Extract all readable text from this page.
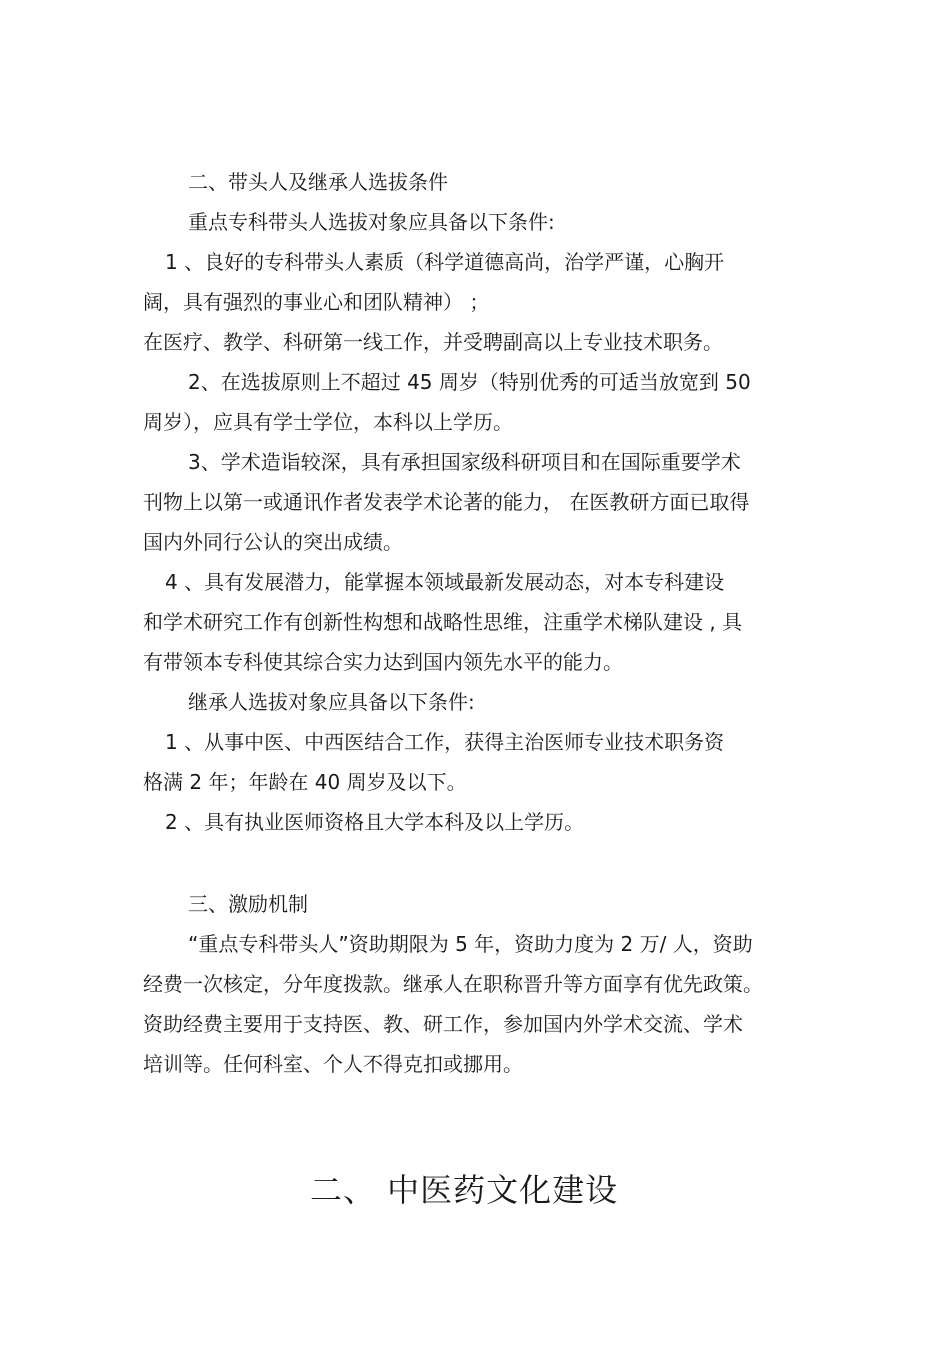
二、带头人及继承人选拔条件
重点专科带头人选拔对象应具备以下条件:
1 、良好的专科带头人素质（科学道德高尚，治学严谨，心胸开
阔，具有强烈的事业心和团队精神） ；
在医疗、教学、科研第一线工作，并受聘副高以上专业技术职务。
2、在选拔原则上不超过 45 周岁（特别优秀的可适当放宽到 50
周岁），应具有学士学位，本科以上学历。
3、学术造诣较深，具有承担国家级科研项目和在国际重要学术
刊物上以第一或通讯作者发表学术论著的能力， 在医教研方面已取得
国内外同行公认的突出成绩。
4 、具有发展潜力，能掌握本领域最新发展动态，对本专科建设
和学术研究工作有创新性构想和战略性思维，注重学术梯队建设 , 具
有带领本专科使其综合实力达到国内领先水平的能力。
继承人选拔对象应具备以下条件:
1 、从事中医、中西医结合工作，获得主治医师专业技术职务资
格满 2 年；年龄在 40 周岁及以下。
2 、具有执业医师资格且大学本科及以上学历。
三、激励机制
“重点专科带头人”资助期限为 5 年，资助力度为 2 万/ 人，资助
经费一次核定，分年度拨款。继承人在职称晋升等方面享有优先政策。
资助经费主要用于支持医、教、研工作，参加国内外学术交流、学术
培训等。任何科室、个人不得克扣或挪用。
二、 中医药文化建设
